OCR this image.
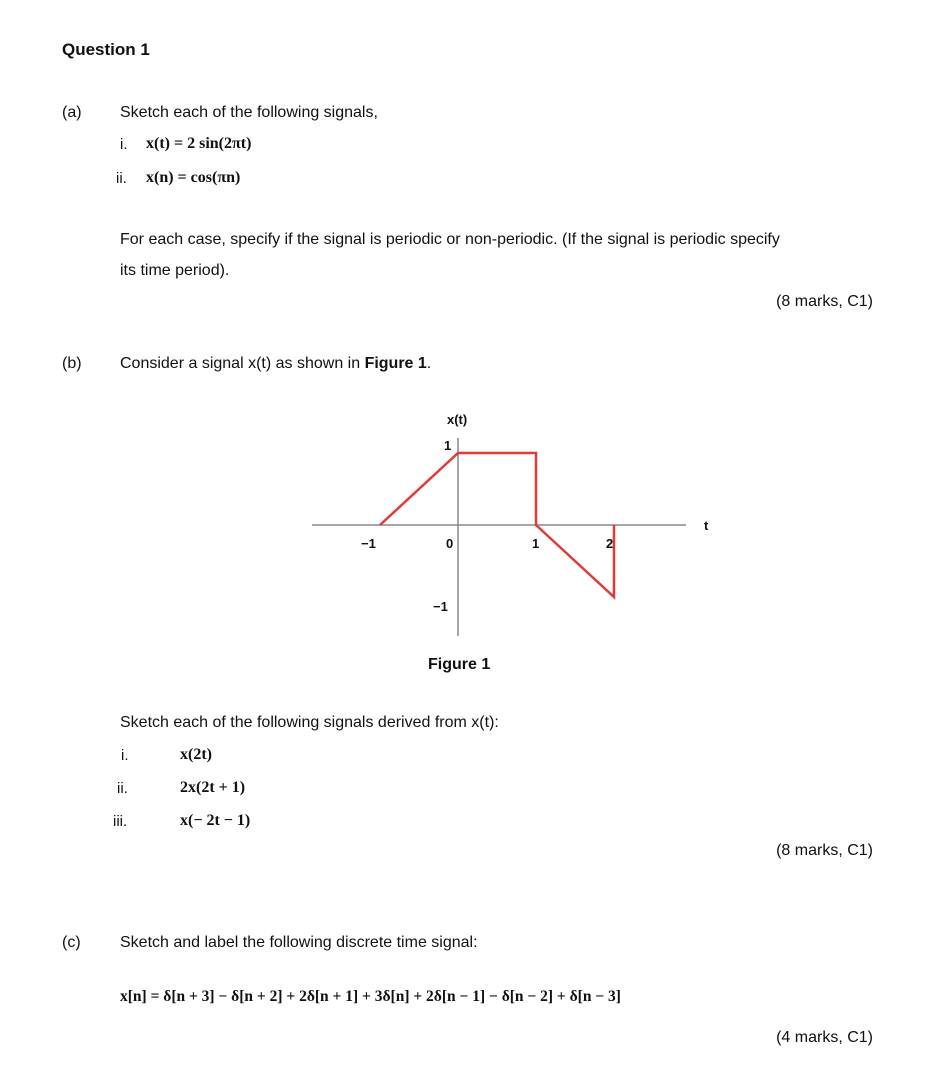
Question 1
(a) Sketch each of the following signals,
i. x(t) = 2 sin(2πt)
ii. x(n) = cos(πn)
For each case, specify if the signal is periodic or non-periodic. (If the signal is periodic specify
its time period).
(8 marks, C1)
(b) Consider a signal x(t) as shown in Figure 1.
x(t)
1
t
−1	0	1	2
−1
Figure 1
Sketch each of the following signals derived from x(t):
i.	x(2t)
ii.	2x(2t + 1)
iii.	x(− 2t − 1)
(8 marks, C1)
(c) Sketch and label the following discrete time signal:
x[n] = δ[n + 3] − δ[n + 2] + 2δ[n + 1] + 3δ[n] + 2δ[n − 1] − δ[n − 2] + δ[n − 3]
(4 marks, C1)
